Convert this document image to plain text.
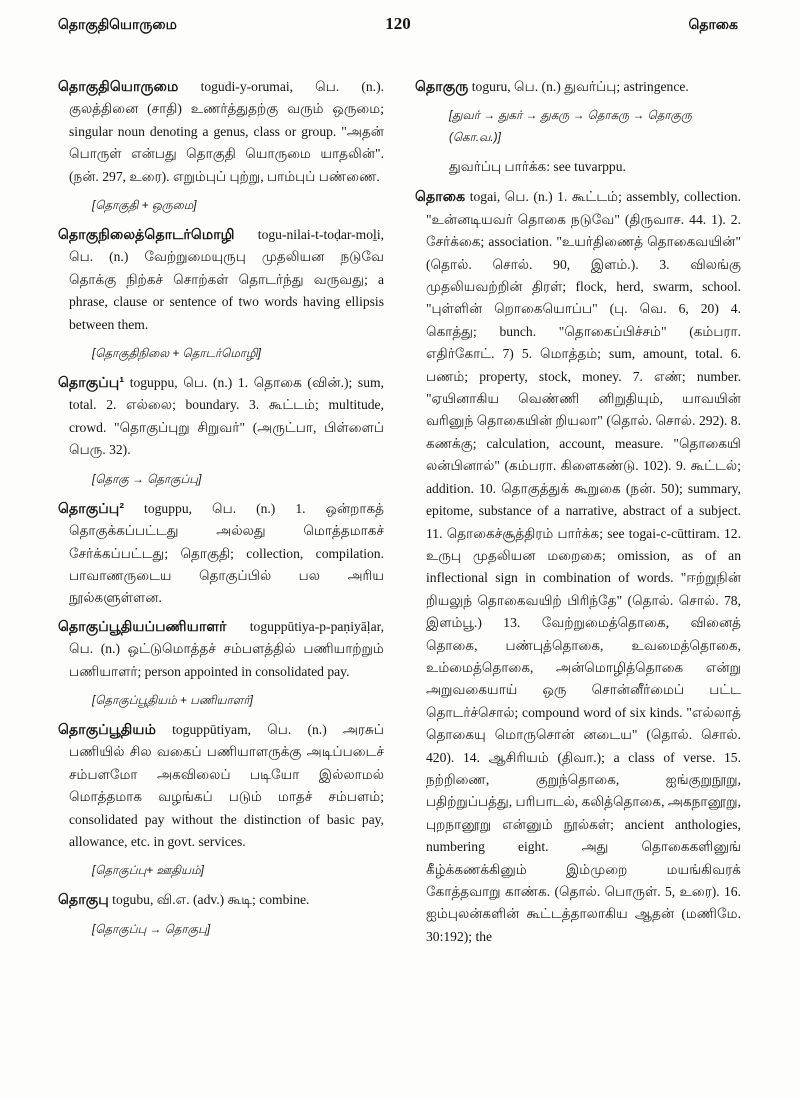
தொகுதியொருமை	120	தொகை

தொகுதியொருமை togudi-y-orumai, பெ. (n.). குலத்தினை (சாதி) உணர்த்துதற்கு வரும் ஒருமை; singular noun denoting a genus, class or group. "அதன் பொருள் என்பது தொகுதி யொருமை யாதலின்". (நன். 297, உரை). எறும்புப் புற்று, பாம்புப் பண்ணை.

[தொகுதி + ஒருமை]

தொகுநிலைத்தொடர்மொழி togu-nilai-t-toḍar-moḻi, பெ. (n.) வேற்றுமையுருபு முதலியன நடுவே தொக்கு நிற்கச் சொற்கள் தொடர்ந்து வருவது; a phrase, clause or sentence of two words having ellipsis between them.

[தொகுதிநிலை + தொடர்மொழி]

தொகுப்பு¹ toguppu, பெ. (n.) 1. தொகை (வின்.); sum, total. 2. எல்லை; boundary. 3. கூட்டம்; multitude, crowd. "தொகுப்புறு சிறுவர்" (அருட்பா, பிள்ளைப் பெரு. 32).

[தொகு → தொகுப்பு]

தொகுப்பு² toguppu, பெ. (n.) 1. ஒன்றாகத் தொகுக்கப்பட்டது அல்லது மொத்தமாகச் சேர்க்கப்பட்டது; தொகுதி; collection, compilation. பாவாணருடைய தொகுப்பில் பல அரிய நூல்களுள்ளன.

தொகுப்பூதியப்பணியாளர் toguppūtiya-p-paṇiyāḷar, பெ. (n.) ஒட்டுமொத்தச் சம்பளத்தில் பணியாற்றும் பணியாளர்; person appointed in consolidated pay.

[தொகுப்பூதியம் + பணியாளர்]

தொகுப்பூதியம் toguppūtiyam, பெ. (n.) அரசுப் பணியில் சில வகைப் பணியாளருக்கு அடிப்படைச் சம்பளமோ அகவிலைப் படியோ இல்லாமல் மொத்தமாக வழங்கப் படும் மாதச் சம்பளம்; consolidated pay without the distinction of basic pay, allowance, etc. in govt. services.

[தொகுப்பு+ ஊதியம்]

தொகுபு togubu, வி.எ. (adv.) கூடி; combine.

[தொகுப்பு → தொகுபு]

தொகுரு toguru, பெ. (n.) துவர்ப்பு; astringence.

[துவர் → துகர் → துகரு → தொகரு → தொகுரு (கொ.வ.)]

துவர்ப்பு பார்க்க: see tuvarppu.

தொகை togai, பெ. (n.) 1. கூட்டம்; assembly, collection. "உன்னடியவர் தொகை நடுவே" (திருவாச. 44. 1). 2. சேர்க்கை; association. "உயர்திணைத் தொகைவயின்" (தொல். சொல். 90, இளம்.). 3. விலங்கு முதலியவற்றின் திரள்; flock, herd, swarm, school. "புள்ளின் றொகையொப்ப" (பு. வெ. 6, 20) 4. கொத்து; bunch. "தொகைப்பிச்சம்" (கம்பரா. எதிர்கோட். 7) 5. மொத்தம்; sum, amount, total. 6. பணம்; property, stock, money. 7. எண்; number. "ஏயினாகிய வெண்ணி னிறுதியும், யாவயின் வரினுந் தொகையின் றியலா" (தொல். சொல். 292). 8. கணக்கு; calculation, account, measure. "தொகையி லன்பினால்" (கம்பரா. கிளைகண்டு. 102). 9. கூட்டல்; addition. 10. தொகுத்துக் கூறுகை (நன். 50); summary, epitome, substance of a narrative, abstract of a subject. 11. தொகைச்சூத்திரம் பார்க்க; see togai-c-cūttiram. 12. உருபு முதலியன மறைகை; omission, as of an inflectional sign in combination of words. "ஈற்றுநின் றியலுந் தொகைவயிற் பிரிந்தே" (தொல். சொல். 78, இளம்பூ.) 13. வேற்றுமைத்தொகை, வினைத் தொகை, பண்புத்தொகை, உவமைத்தொகை, உம்மைத்தொகை, அன்மொழித்தொகை என்று அறுவகையாய் ஒரு சொன்னீர்மைப் பட்ட தொடர்ச்சொல்; compound word of six kinds. "எல்லாத் தொகையு மொருசொன் னடைய" (தொல். சொல். 420). 14. ஆசிரியம் (திவா.); a class of verse. 15. நற்றிணை, குறுந்தொகை, ஐங்குறுநூறு, பதிற்றுப்பத்து, பரிபாடல், கலித்தொகை, அகநானூறு, புறநானூறு என்னும் நூல்கள்; ancient anthologies, numbering eight. அது தொகைகளினுங் கீழ்க்கணக்கினும் இம்முறை மயங்கிவரக் கோத்தவாறு காண்க. (தொல். பொருள். 5, உரை). 16. ஐம்புலன்களின் கூட்டத்தாலாகிய ஆதன் (மணிமே. 30:192); the
